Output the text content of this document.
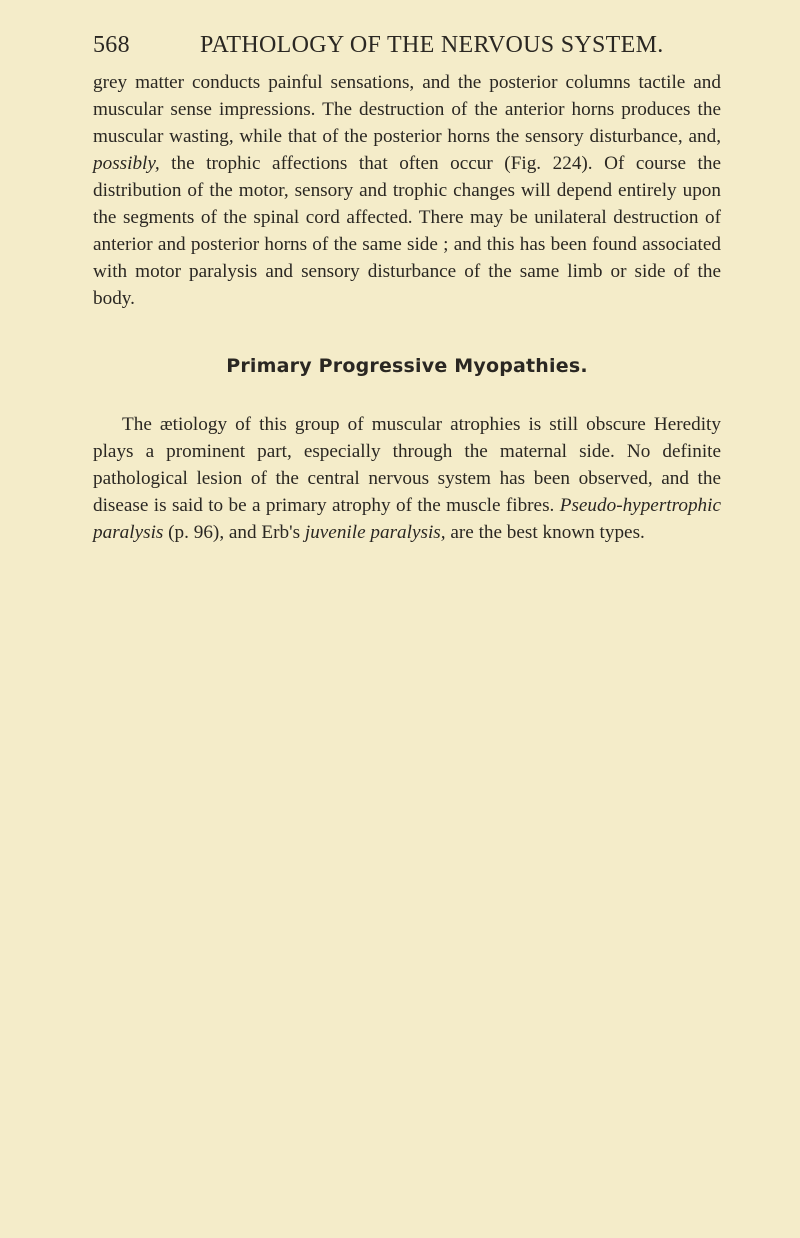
568	PATHOLOGY OF THE NERVOUS SYSTEM.

grey matter conducts painful sensations, and the posterior columns tactile and muscular sense impressions. The destruction of the anterior horns produces the muscular wasting, while that of the posterior horns the sensory disturbance, and, possibly, the trophic affections that often occur (Fig. 224). Of course the distribution of the motor, sensory and trophic changes will depend entirely upon the segments of the spinal cord affected. There may be unilateral destruction of anterior and posterior horns of the same side ; and this has been found associated with motor paralysis and sensory disturbance of the same limb or side of the body.

Primary Progressive Myopathies.

The ætiology of this group of muscular atrophies is still obscure Heredity plays a prominent part, especially through the maternal side. No definite pathological lesion of the central nervous system has been observed, and the disease is said to be a primary atrophy of the muscle fibres. Pseudo-hypertrophic paralysis (p. 96), and Erb's juvenile paralysis, are the best known types.
